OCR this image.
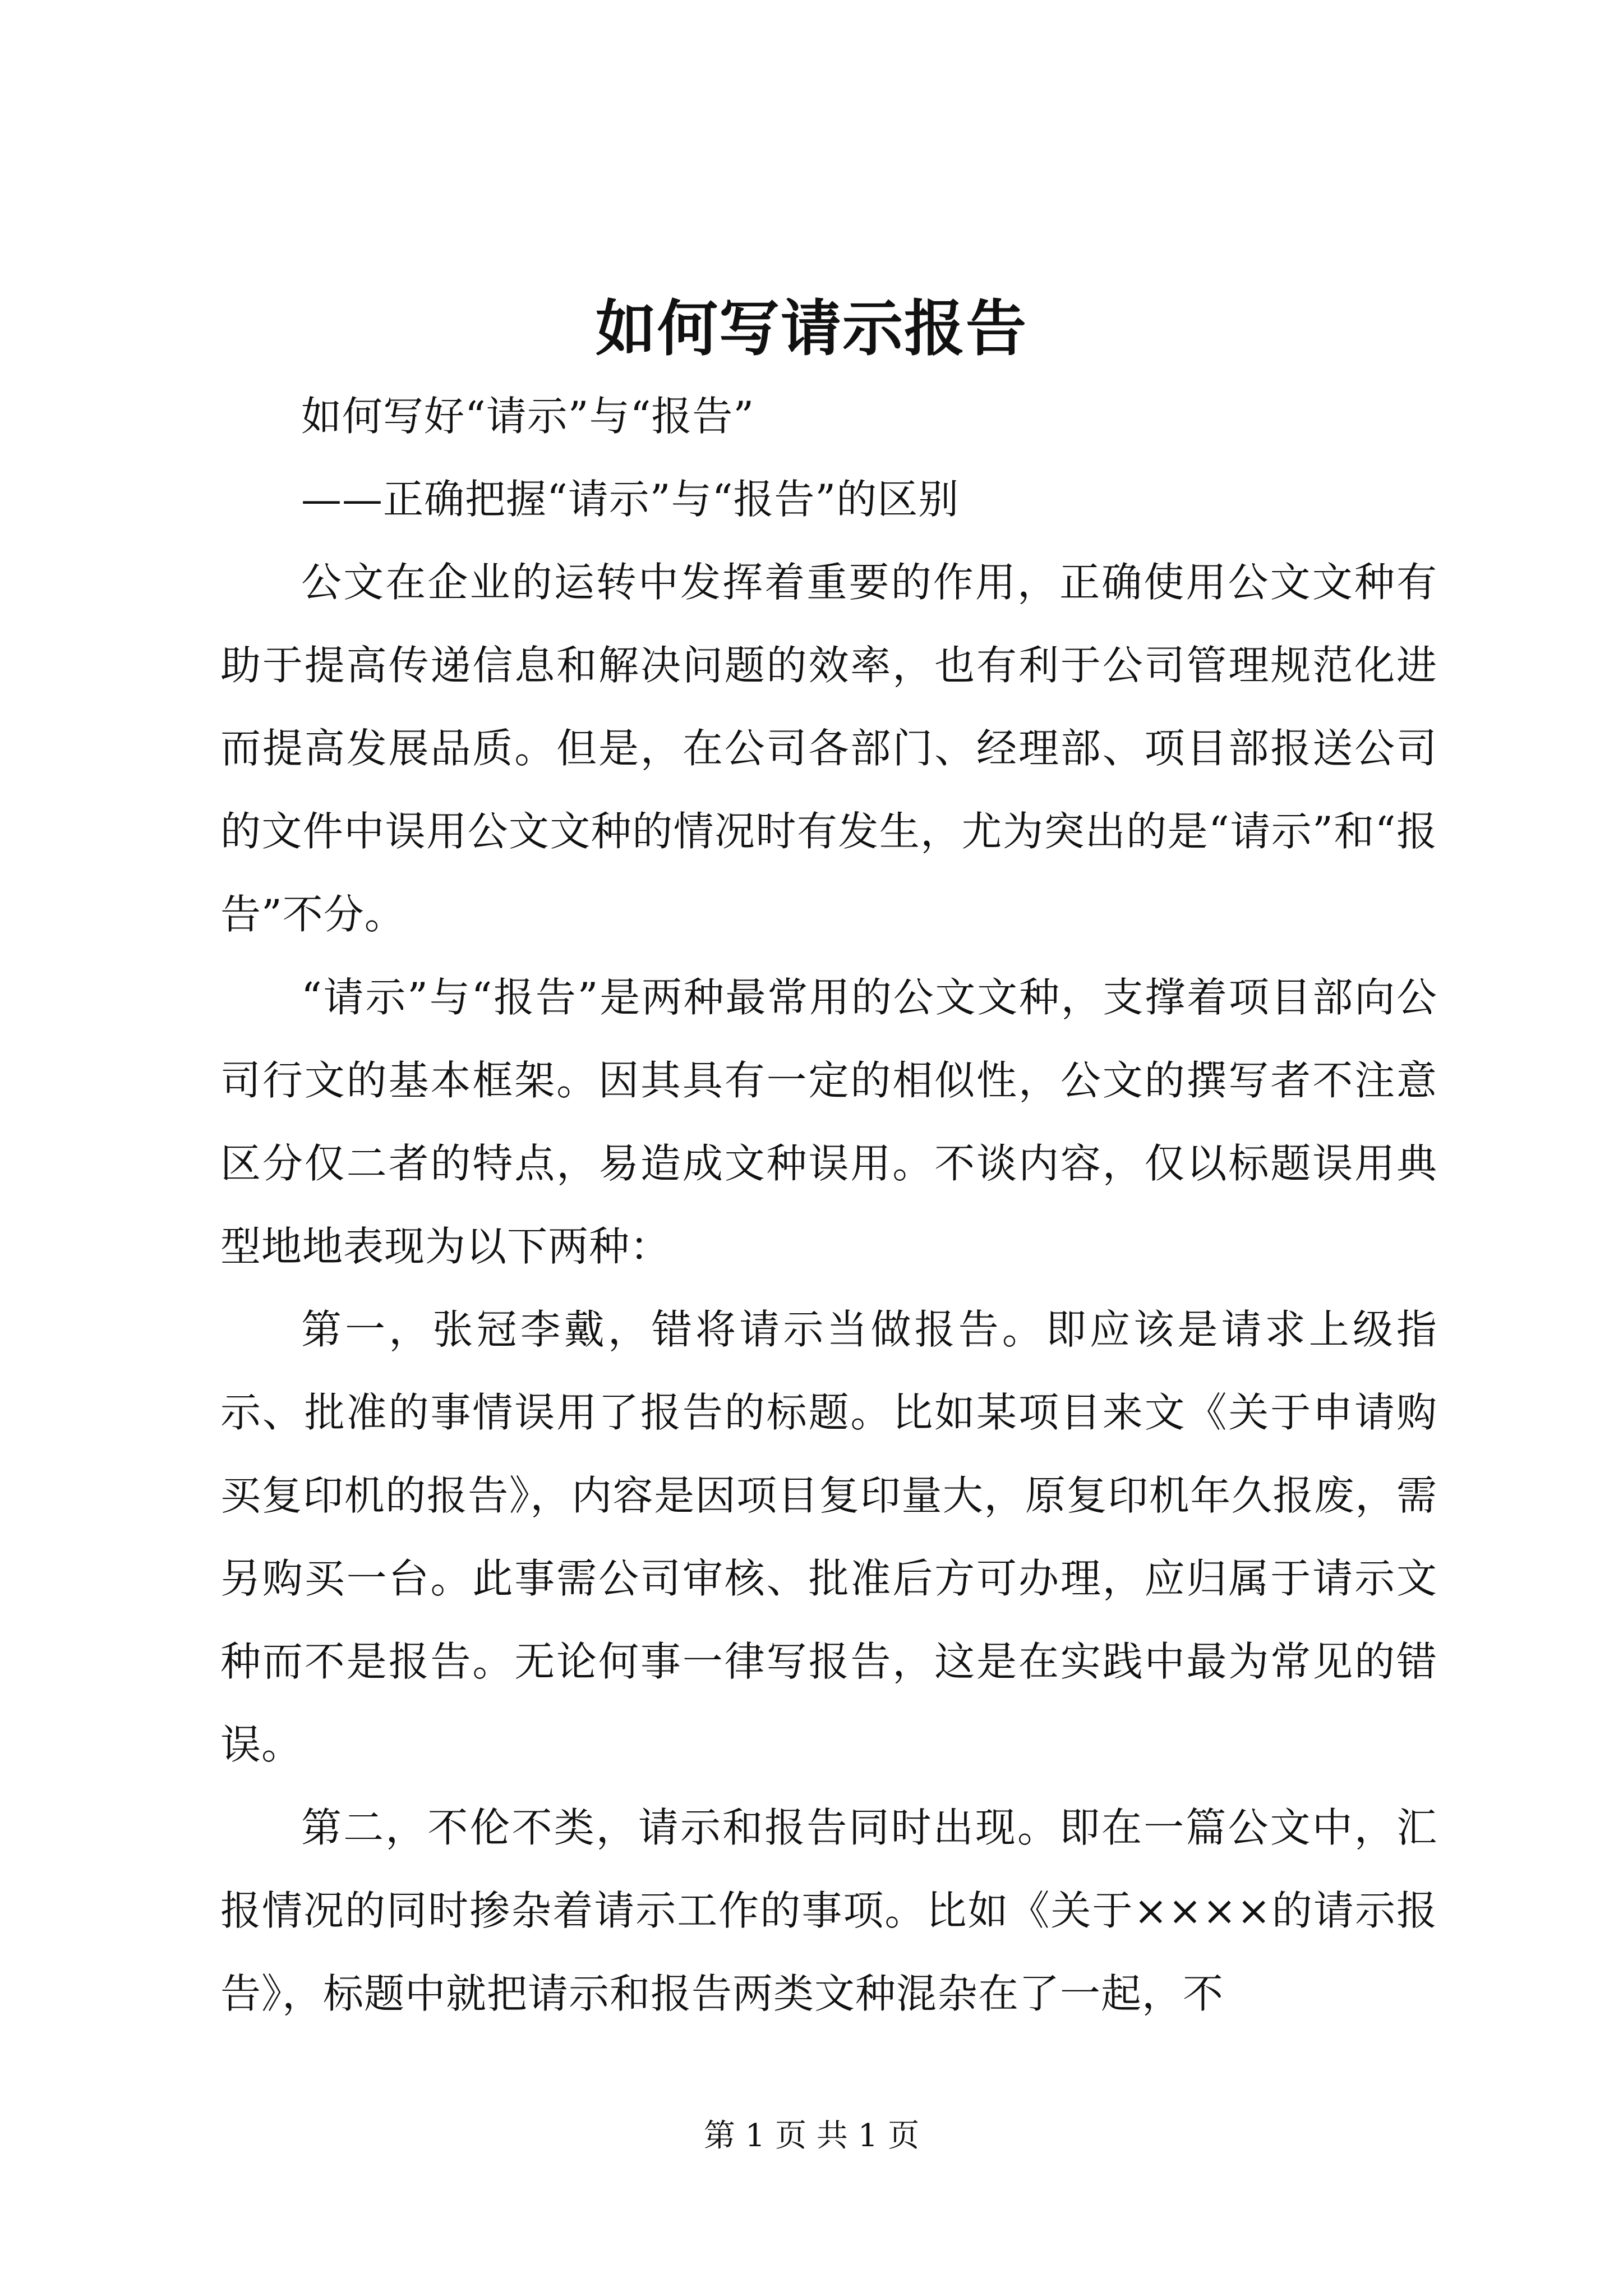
如何写请示报告

如何写好“请示”与“报告”

——正确把握“请示”与“报告”的区别

公文在企业的运转中发挥着重要的作用，正确使用公文文种有助于提高传递信息和解决问题的效率，也有利于公司管理规范化进而提高发展品质。但是，在公司各部门、经理部、项目部报送公司的文件中误用公文文种的情况时有发生，尤为突出的是“请示”和“报告”不分。

“请示”与“报告”是两种最常用的公文文种，支撑着项目部向公司行文的基本框架。因其具有一定的相似性，公文的撰写者不注意区分仅二者的特点，易造成文种误用。不谈内容，仅以标题误用典型地地表现为以下两种：

第一，张冠李戴，错将请示当做报告。即应该是请求上级指示、批准的事情误用了报告的标题。比如某项目来文《关于申请购买复印机的报告》，内容是因项目复印量大，原复印机年久报废，需另购买一台。此事需公司审核、批准后方可办理，应归属于请示文种而不是报告。无论何事一律写报告，这是在实践中最为常见的错误。

第二，不伦不类，请示和报告同时出现。即在一篇公文中，汇报情况的同时掺杂着请示工作的事项。比如《关于××××的请示报告》，标题中就把请示和报告两类文种混杂在了一起，不

第 1 页 共 1 页
